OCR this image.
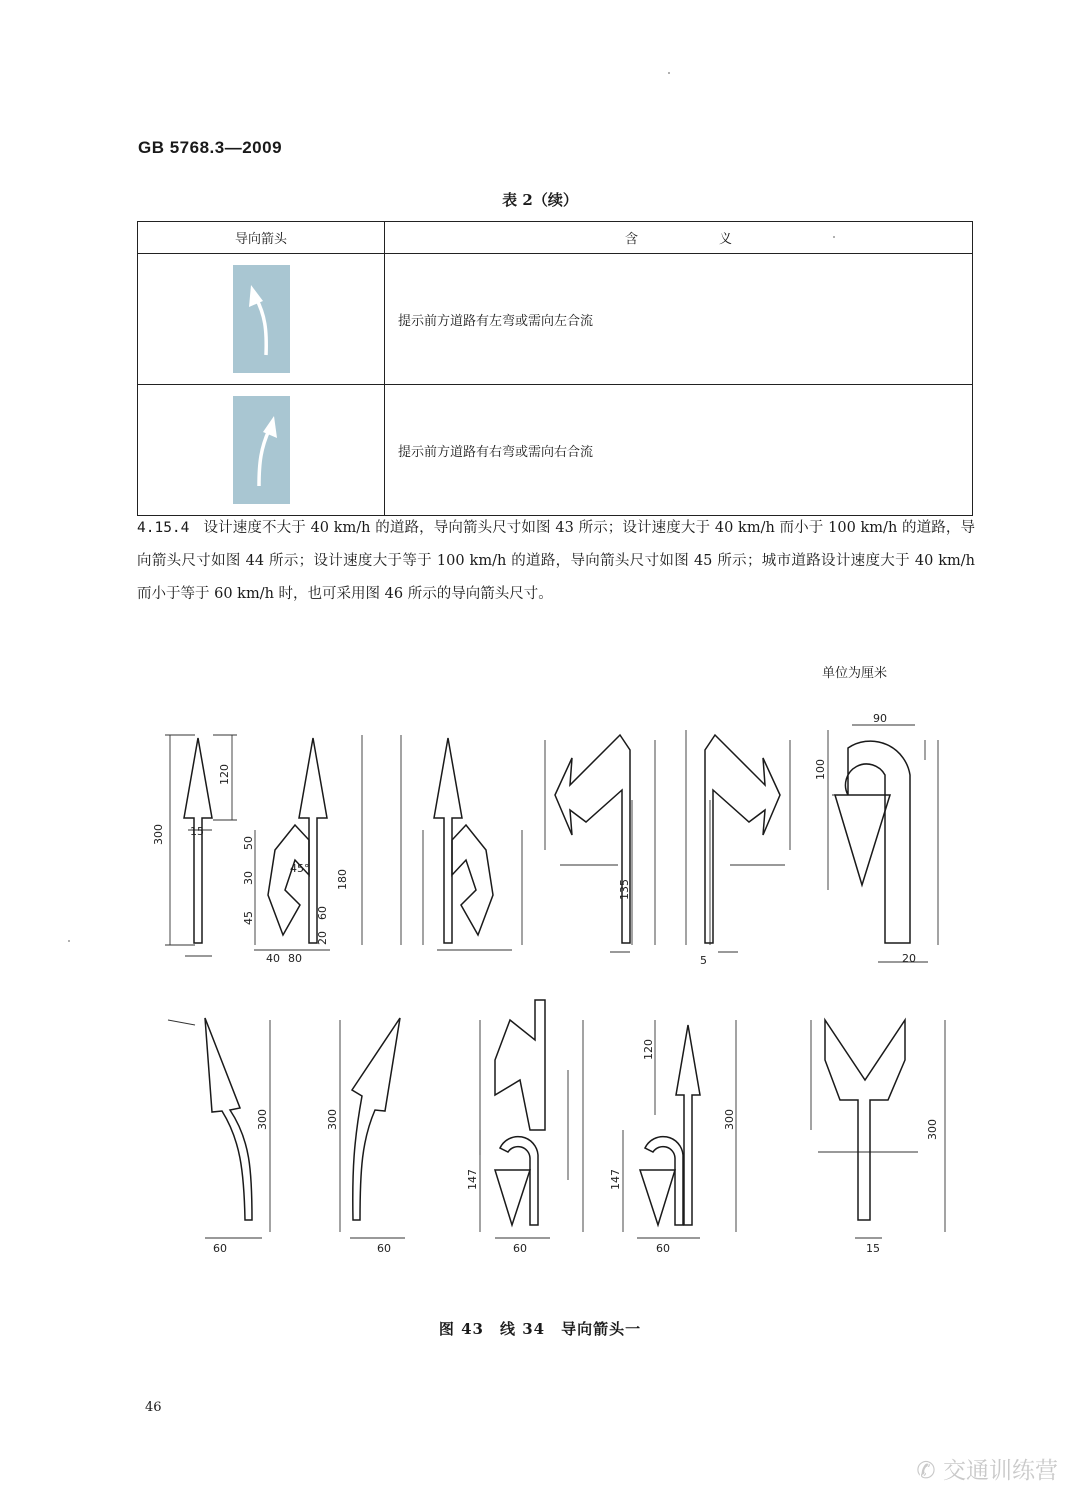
GB 5768.3—2009
表 2（续）
导向箭头	含　义

	提示前方道路有左弯或需向左合流

	提示前方道路有右弯或需向右合流
4.15.4 设计速度不大于 40 km/h 的道路，导向箭头尺寸如图 43 所示；设计速度大于 40 km/h 而小于 100 km/h 的道路，导向箭头尺寸如图 44 所示；设计速度大于等于 100 km/h 的道路，导向箭头尺寸如图 45 所示；城市道路设计速度大于 40 km/h 而小于等于 60 km/h 时，也可采用图 46 所示的导向箭头尺寸。
单位为厘米
300
120
15
50
30
45
180
60
20
40 80
45°
135
100
90
147	147
60
60	60	60	15
20
300
300
300	300
120
5
图 43　线 34　导向箭头一
46
✆ 交通训练营
